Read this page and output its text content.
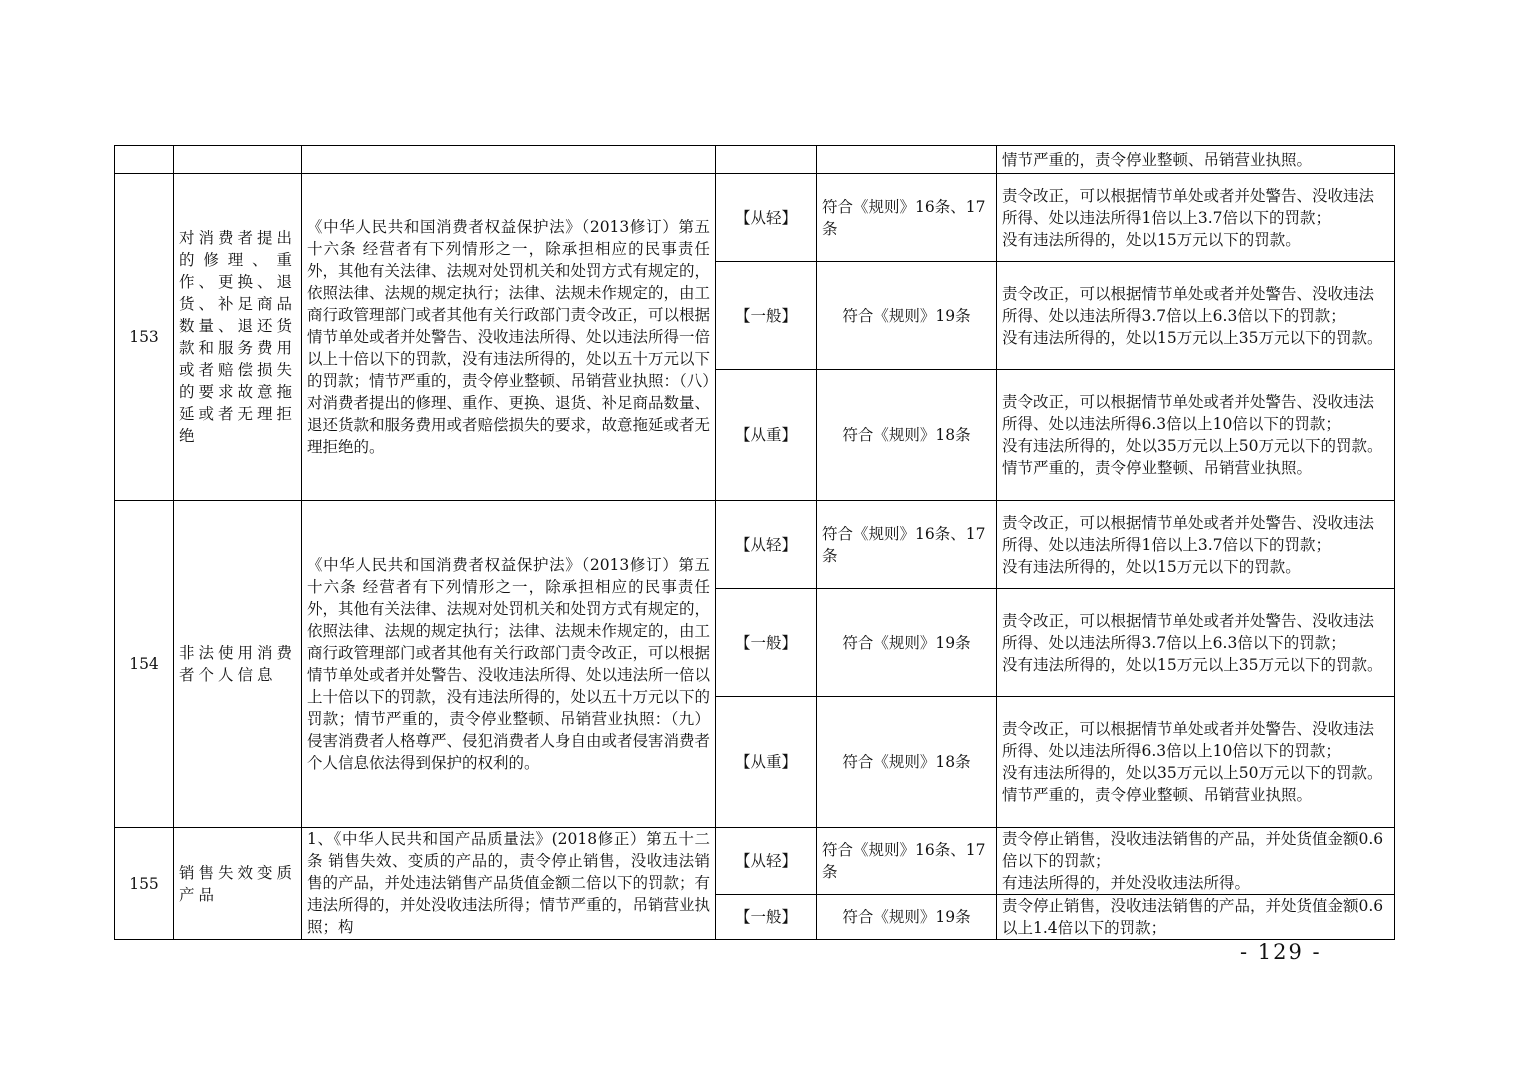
					情节严重的，责令停业整顿、吊销营业执照。
153	对消费者提出的修理、重作、更换、退货、补足商品数量、退还货款和服务费用或者赔偿损失的要求故意拖延或者无理拒绝	《中华人民共和国消费者权益保护法》（2013修订）第五十六条 经营者有下列情形之一，除承担相应的民事责任外，其他有关法律、法规对处罚机关和处罚方式有规定的，依照法律、法规的规定执行；法律、法规未作规定的，由工商行政管理部门或者其他有关行政部门责令改正，可以根据情节单处或者并处警告、没收违法所得、处以违法所得一倍以上十倍以下的罚款，没有违法所得的，处以五十万元以下的罚款；情节严重的，责令停业整顿、吊销营业执照：（八）对消费者提出的修理、重作、更换、退货、补足商品数量、退还货款和服务费用或者赔偿损失的要求，故意拖延或者无理拒绝的。	【从轻】	符合《规则》16条、17条	责令改正，可以根据情节单处或者并处警告、没收违法所得、处以违法所得1倍以上3.7倍以下的罚款；
没有违法所得的，处以15万元以下的罚款。

			【一般】	符合《规则》19条	责令改正，可以根据情节单处或者并处警告、没收违法所得、处以违法所得3.7倍以上6.3倍以下的罚款；
没有违法所得的，处以15万元以上35万元以下的罚款。

			【从重】	符合《规则》18条	责令改正，可以根据情节单处或者并处警告、没收违法所得、处以违法所得6.3倍以上10倍以下的罚款；
没有违法所得的，处以35万元以上50万元以下的罚款。
情节严重的，责令停业整顿、吊销营业执照。

154	非法使用消费者个人信息	《中华人民共和国消费者权益保护法》（2013修订）第五十六条 经营者有下列情形之一，除承担相应的民事责任外，其他有关法律、法规对处罚机关和处罚方式有规定的，依照法律、法规的规定执行；法律、法规未作规定的，由工商行政管理部门或者其他有关行政部门责令改正，可以根据情节单处或者并处警告、没收违法所得、处以违法所一倍以上十倍以下的罚款，没有违法所得的，处以五十万元以下的罚款；情节严重的，责令停业整顿、吊销营业执照：（九）侵害消费者人格尊严、侵犯消费者人身自由或者侵害消费者个人信息依法得到保护的权利的。	【从轻】	符合《规则》16条、17条	责令改正，可以根据情节单处或者并处警告、没收违法所得、处以违法所得1倍以上3.7倍以下的罚款；
没有违法所得的，处以15万元以下的罚款。

			【一般】	符合《规则》19条	责令改正，可以根据情节单处或者并处警告、没收违法所得、处以违法所得3.7倍以上6.3倍以下的罚款；
没有违法所得的，处以15万元以上35万元以下的罚款。

			【从重】	符合《规则》18条	责令改正，可以根据情节单处或者并处警告、没收违法所得、处以违法所得6.3倍以上10倍以下的罚款；
没有违法所得的，处以35万元以上50万元以下的罚款。
情节严重的，责令停业整顿、吊销营业执照。

155	销售失效变质产品	1、《中华人民共和国产品质量法》(2018修正）第五十二条 销售失效、变质的产品的，责令停止销售，没收违法销售的产品，并处违法销售产品货值金额二倍以下的罚款；有违法所得的，并处没收违法所得；情节严重的，吊销营业执照；构	【从轻】	符合《规则》16条、17条	责令停止销售，没收违法销售的产品，并处货值金额0.6倍以下的罚款；
有违法所得的，并处没收违法所得。

			【一般】	符合《规则》19条	责令停止销售，没收违法销售的产品，并处货值金额0.6以上1.4倍以下的罚款；
- 129 -
